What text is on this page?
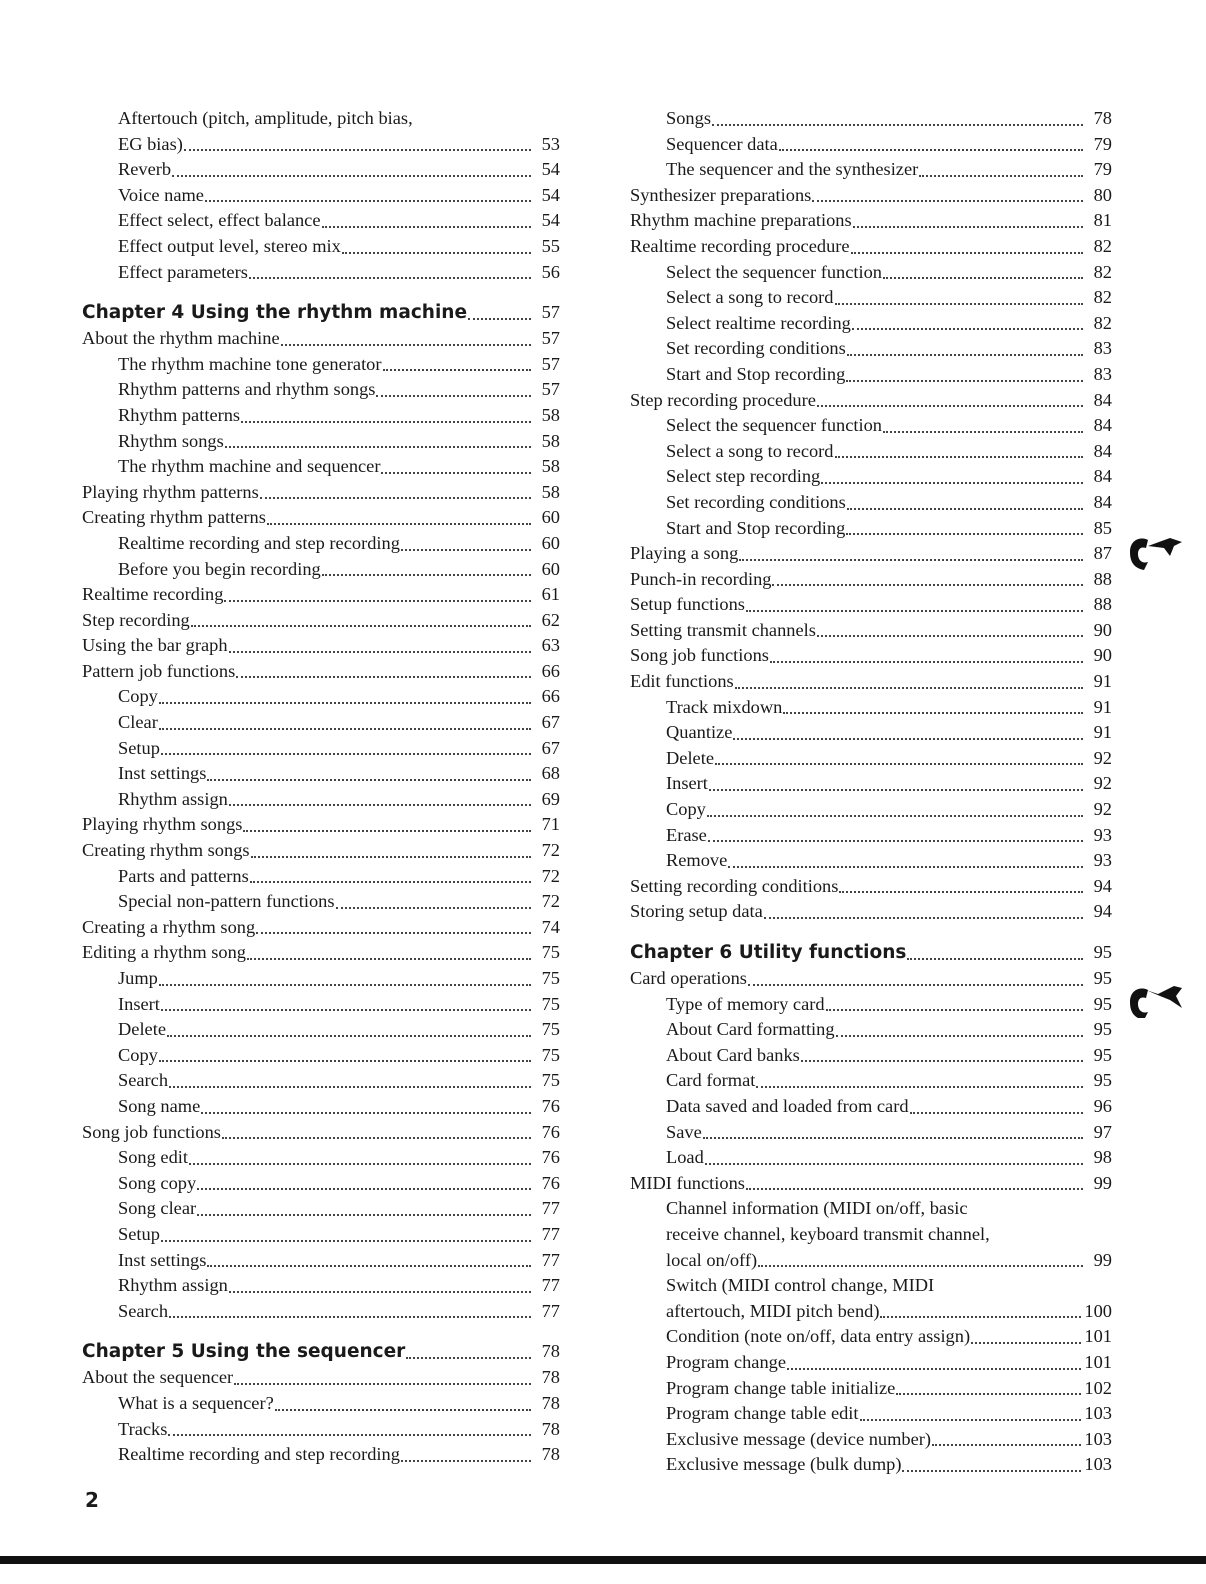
Aftertouch (pitch, amplitude, pitch bias,
EG bias)	53
Reverb	54
Voice name	54
Effect select, effect balance	54
Effect output level, stereo mix	55
Effect parameters	56
Chapter 4 Using the rhythm machine	57
About the rhythm machine	57
The rhythm machine tone generator	57
Rhythm patterns and rhythm songs	57
Rhythm patterns	58
Rhythm songs	58
The rhythm machine and sequencer	58
Playing rhythm patterns	58
Creating rhythm patterns	60
Realtime recording and step recording	60
Before you begin recording	60
Realtime recording	61
Step recording	62
Using the bar graph	63
Pattern job functions	66
Copy	66
Clear	67
Setup	67
Inst settings	68
Rhythm assign	69
Playing rhythm songs	71
Creating rhythm songs	72
Parts and patterns	72
Special non-pattern functions	72
Creating a rhythm song	74
Editing a rhythm song	75
Jump	75
Insert	75
Delete	75
Copy	75
Search	75
Song name	76
Song job functions	76
Song edit	76
Song copy	76
Song clear	77
Setup	77
Inst settings	77
Rhythm assign	77
Search	77
Chapter 5 Using the sequencer	78
About the sequencer	78
What is a sequencer?	78
Tracks	78
Realtime recording and step recording	78
Songs	78
Sequencer data	79
The sequencer and the synthesizer	79
Synthesizer preparations	80
Rhythm machine preparations	81
Realtime recording procedure	82
Select the sequencer function	82
Select a song to record	82
Select realtime recording	82
Set recording conditions	83
Start and Stop recording	83
Step recording procedure	84
Select the sequencer function	84
Select a song to record	84
Select step recording	84
Set recording conditions	84
Start and Stop recording	85
Playing a song	87
Punch-in recording	88
Setup functions	88
Setting transmit channels	90
Song job functions	90
Edit functions	91
Track mixdown	91
Quantize	91
Delete	92
Insert	92
Copy	92
Erase	93
Remove	93
Setting recording conditions	94
Storing setup data	94
Chapter 6 Utility functions	95
Card operations	95
Type of memory card	95
About Card formatting	95
About Card banks	95
Card format	95
Data saved and loaded from card	96
Save	97
Load	98
MIDI functions	99
Channel information (MIDI on/off, basic
receive channel, keyboard transmit channel,
local on/off)	99
Switch (MIDI control change, MIDI
aftertouch, MIDI pitch bend)	100
Condition (note on/off, data entry assign)	101
Program change	101
Program change table initialize	102
Program change table edit	103
Exclusive message (device number)	103
Exclusive message (bulk dump)	103
2
